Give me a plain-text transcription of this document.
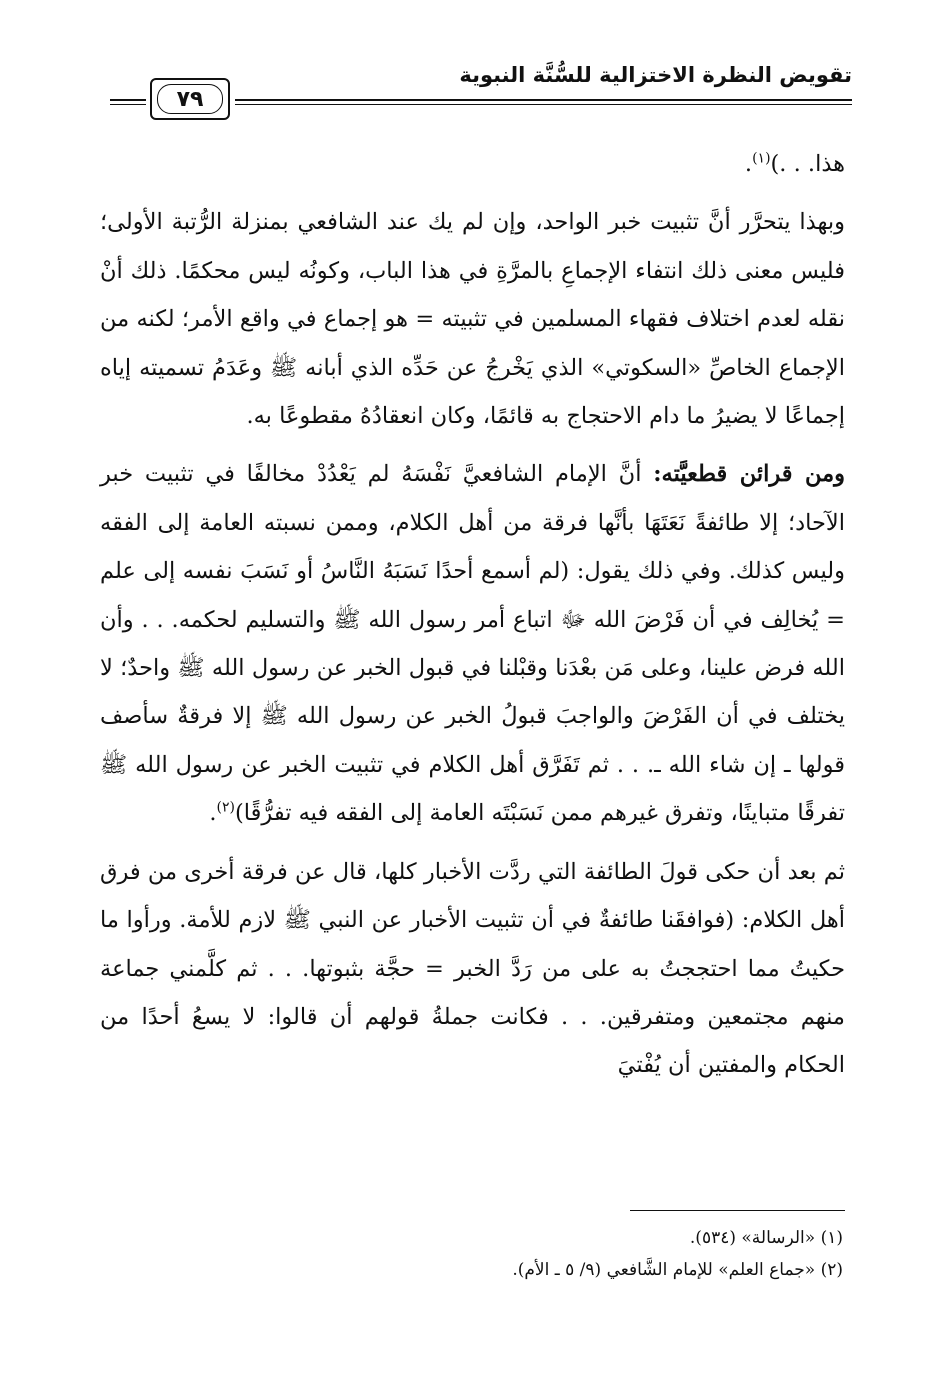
تقويض النظرة الاختزالية للسُّنَّة النبوية
٧٩

هذا. . .)$^{(١)}$.

وبهذا يتحرَّر أنَّ تثبيت خبر الواحد، وإن لم يك عند الشافعي بمنزلة الرُّتبة الأولى؛ فليس معنى ذلك انتفاء الإجماعِ بالمرَّةِ في هذا الباب، وكونُه ليس محكمًا. ذلك أنْ نقله لعدم اختلاف فقهاء المسلمين في تثبيته = هو إجماع في واقع الأمر؛ لكنه من الإجماع الخاصِّ «السكوتي» الذي يَخْرجُ عن حَدِّه الذي أبانه ﷺ وعَدَمُ تسميته إياه إجماعًا لا يضيرُ ما دام الاحتجاج به قائمًا، وكان انعقادُهُ مقطوعًا به.

ومن قرائن قطعيَّته: أنَّ الإمام الشافعيَّ نَفْسَهُ لم يَعْدُدْ مخالفًا في تثبيت خبر الآحاد؛ إلا طائفةً نَعَتَهَا بأنَّها فرقة من أهل الكلام، وممن نسبته العامة إلى الفقه وليس كذلك. وفي ذلك يقول: (لم أسمع أحدًا نَسَبَهُ النَّاسُ أو نَسَبَ نفسه إلى علم = يُخالِف في أن فَرْضَ الله ﷻ اتباع أمر رسول الله ﷺ والتسليم لحكمه. . . وأن الله فرض علينا، وعلى مَن بعْدَنا وقبْلنا في قبول الخبر عن رسول الله ﷺ واحدٌ؛ لا يختلف في أن الفَرْضَ والواجبَ قبولُ الخبر عن رسول الله ﷺ إلا فرقةٌ سأصف قولها ـ إن شاء الله ـ. . . ثم تَفَرَّق أهل الكلام في تثبيت الخبر عن رسول الله ﷺ تفرقًا متباينًا، وتفرق غيرهم ممن نَسَبْتَه العامة إلى الفقه فيه تفرُّقًا)$^{(٢)}$.

ثم بعد أن حكى قولَ الطائفة التي ردَّت الأخبار كلها، قال عن فرقة أخرى من فرق أهل الكلام: (فوافقَنا طائفةٌ في أن تثبيت الأخبار عن النبي ﷺ لازم للأمة. ورأوا ما حكيتُ مما احتججتُ به على من رَدَّ الخبر = حجَّة بثبوتها. . . ثم كلَّمني جماعة منهم مجتمعين ومتفرقين. . . فكانت جملةُ قولهم أن قالوا: لا يسعُ أحدًا من الحكام والمفتين أن يُفْتيَ

(١) «الرسالة» (٥٣٤).

(٢) «جماع العلم» للإمام الشَّافعي (٩/ ٥ ـ الأم).
